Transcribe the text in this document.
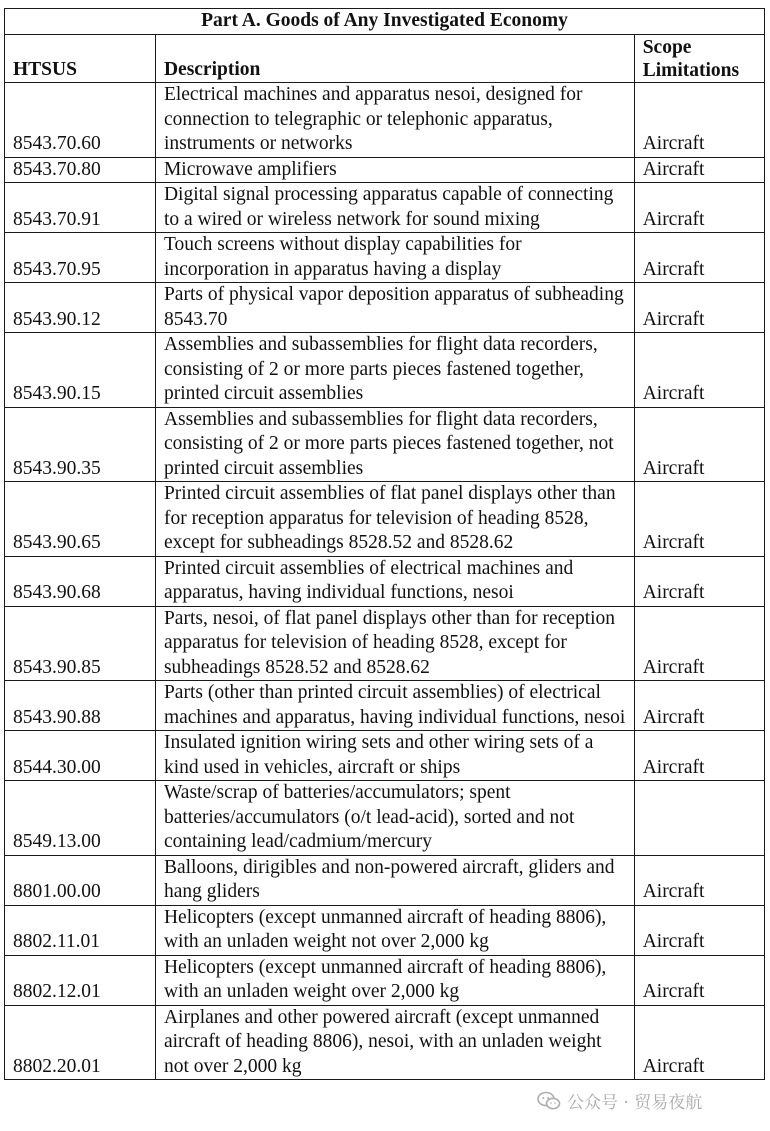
Part A. Goods of Any Investigated Economy		
HTSUS	Description	Scope Limitations
8543.70.60	Electrical machines and apparatus nesoi, designed for connection to telegraphic or telephonic apparatus, instruments or networks	Aircraft
8543.70.80	Microwave amplifiers	Aircraft
8543.70.91	Digital signal processing apparatus capable of connecting to a wired or wireless network for sound mixing	Aircraft
8543.70.95	Touch screens without display capabilities for incorporation in apparatus having a display	Aircraft
8543.90.12	Parts of physical vapor deposition apparatus of subheading 8543.70	Aircraft
8543.90.15	Assemblies and subassemblies for flight data recorders, consisting of 2 or more parts pieces fastened together, printed circuit assemblies	Aircraft
8543.90.35	Assemblies and subassemblies for flight data recorders, consisting of 2 or more parts pieces fastened together, not printed circuit assemblies	Aircraft
8543.90.65	Printed circuit assemblies of flat panel displays other than for reception apparatus for television of heading 8528, except for subheadings 8528.52 and 8528.62	Aircraft
8543.90.68	Printed circuit assemblies of electrical machines and apparatus, having individual functions, nesoi	Aircraft
8543.90.85	Parts, nesoi, of flat panel displays other than for reception apparatus for television of heading 8528, except for subheadings 8528.52 and 8528.62	Aircraft
8543.90.88	Parts (other than printed circuit assemblies) of electrical machines and apparatus, having individual functions, nesoi	Aircraft
8544.30.00	Insulated ignition wiring sets and other wiring sets of a kind used in vehicles, aircraft or ships	Aircraft
8549.13.00	Waste/scrap of batteries/accumulators; spent batteries/accumulators (o/t lead-acid), sorted and not containing lead/cadmium/mercury	
8801.00.00	Balloons, dirigibles and non-powered aircraft, gliders and hang gliders	Aircraft
8802.11.01	Helicopters (except unmanned aircraft of heading 8806), with an unladen weight not over 2,000 kg	Aircraft
8802.12.01	Helicopters (except unmanned aircraft of heading 8806), with an unladen weight over 2,000 kg	Aircraft
8802.20.01	Airplanes and other powered aircraft (except unmanned aircraft of heading 8806), nesoi, with an unladen weight not over 2,000 kg	Aircraft
公众号 · 贸易夜航
